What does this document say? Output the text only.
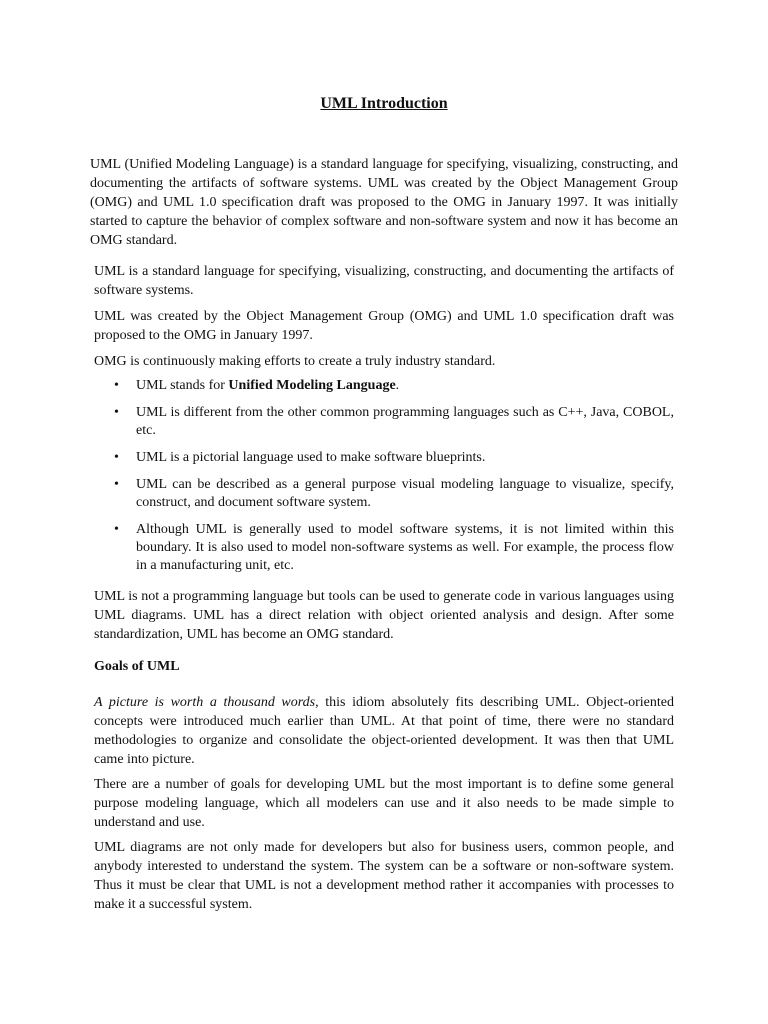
UML Introduction

UML (Unified Modeling Language) is a standard language for specifying, visualizing, constructing, and documenting the artifacts of software systems. UML was created by the Object Management Group (OMG) and UML 1.0 specification draft was proposed to the OMG in January 1997. It was initially started to capture the behavior of complex software and non-software system and now it has become an OMG standard.

UML is a standard language for specifying, visualizing, constructing, and documenting the artifacts of software systems.

UML was created by the Object Management Group (OMG) and UML 1.0 specification draft was proposed to the OMG in January 1997.

OMG is continuously making efforts to create a truly industry standard.

• UML stands for Unified Modeling Language.
• UML is different from the other common programming languages such as C++, Java, COBOL, etc.
• UML is a pictorial language used to make software blueprints.
• UML can be described as a general purpose visual modeling language to visualize, specify, construct, and document software system.
• Although UML is generally used to model software systems, it is not limited within this boundary. It is also used to model non-software systems as well. For example, the process flow in a manufacturing unit, etc.

UML is not a programming language but tools can be used to generate code in various languages using UML diagrams. UML has a direct relation with object oriented analysis and design. After some standardization, UML has become an OMG standard.

Goals of UML

A picture is worth a thousand words, this idiom absolutely fits describing UML. Object-oriented concepts were introduced much earlier than UML. At that point of time, there were no standard methodologies to organize and consolidate the object-oriented development. It was then that UML came into picture.

There are a number of goals for developing UML but the most important is to define some general purpose modeling language, which all modelers can use and it also needs to be made simple to understand and use.

UML diagrams are not only made for developers but also for business users, common people, and anybody interested to understand the system. The system can be a software or non-software system. Thus it must be clear that UML is not a development method rather it accompanies with processes to make it a successful system.
